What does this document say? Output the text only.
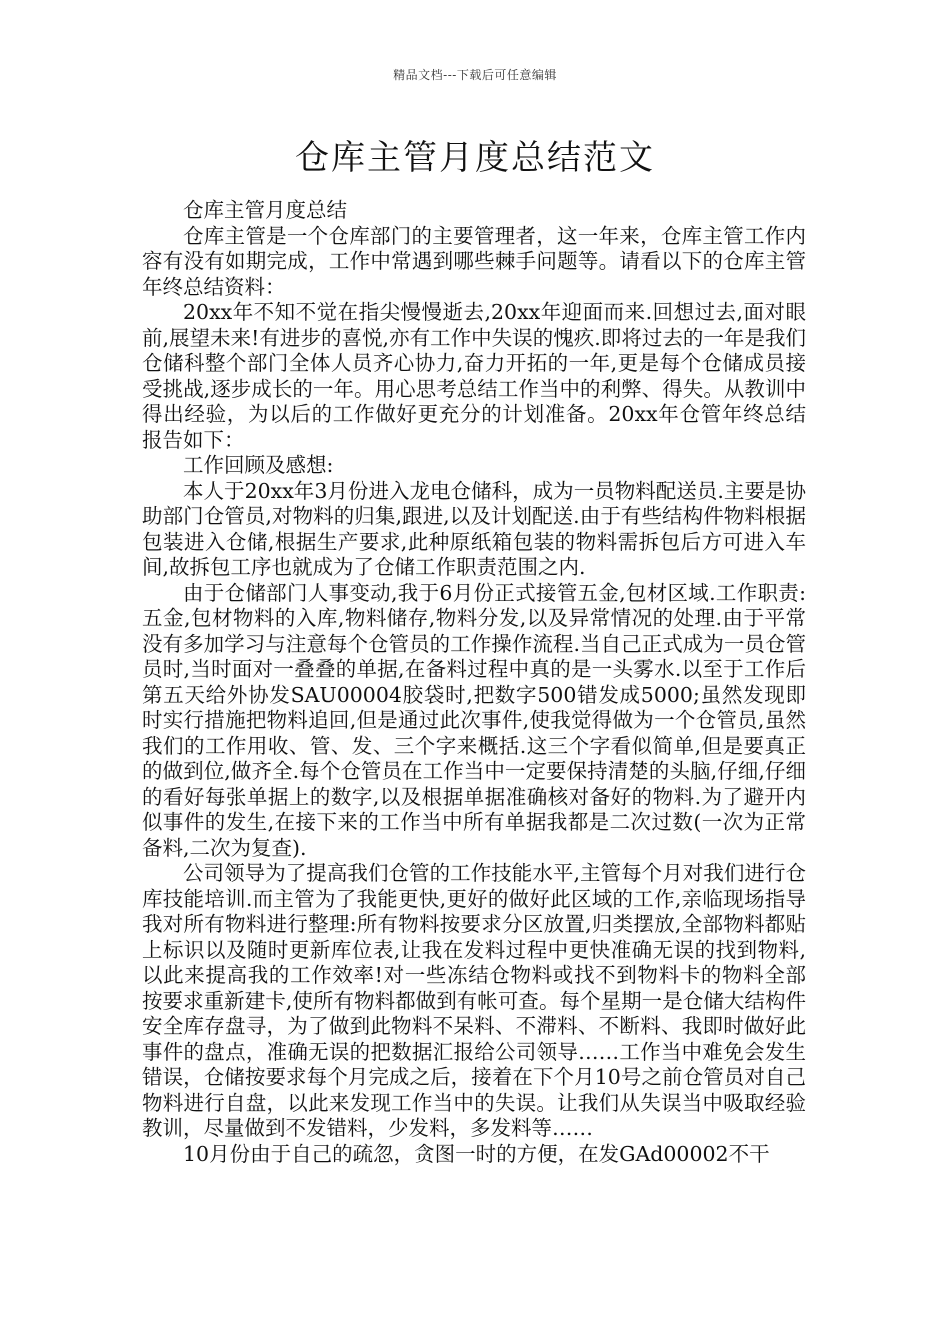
精品文档---下载后可任意编辑
仓库主管月度总结范文

仓库主管月度总结

仓库主管是一个仓库部门的主要管理者，这一年来，仓库主管工作内容有没有如期完成，工作中常遇到哪些棘手问题等。请看以下的仓库主管年终总结资料：

20xx年不知不觉在指尖慢慢逝去,20xx年迎面而来.回想过去,面对眼前,展望未来!有进步的喜悦,亦有工作中失误的愧疚.即将过去的一年是我们仓储科整个部门全体人员齐心协力,奋力开拓的一年,更是每个仓储成员接受挑战,逐步成长的一年。用心思考总结工作当中的利弊、得失。从教训中得出经验，为以后的工作做好更充分的计划准备。20xx年仓管年终总结报告如下：

工作回顾及感想:

本人于20xx年3月份进入龙电仓储科，成为一员物料配送员.主要是协助部门仓管员,对物料的归集,跟进,以及计划配送.由于有些结构件物料根据包装进入仓储,根据生产要求,此种原纸箱包装的物料需拆包后方可进入车间,故拆包工序也就成为了仓储工作职责范围之内.

由于仓储部门人事变动,我于6月份正式接管五金,包材区域.工作职责:五金,包材物料的入库,物料储存,物料分发,以及异常情况的处理.由于平常没有多加学习与注意每个仓管员的工作操作流程.当自己正式成为一员仓管员时,当时面对一叠叠的单据,在备料过程中真的是一头雾水.以至于工作后第五天给外协发SAU00004胶袋时,把数字500错发成5000;虽然发现即时实行措施把物料追回,但是通过此次事件,使我觉得做为一个仓管员,虽然我们的工作用收、管、发、三个字来概括.这三个字看似简单,但是要真正的做到位,做齐全.每个仓管员在工作当中一定要保持清楚的头脑,仔细,仔细的看好每张单据上的数字,以及根据单据准确核对备好的物料.为了避开内似事件的发生,在接下来的工作当中所有单据我都是二次过数(一次为正常备料,二次为复查).

公司领导为了提高我们仓管的工作技能水平,主管每个月对我们进行仓库技能培训.而主管为了我能更快,更好的做好此区域的工作,亲临现场指导我对所有物料进行整理:所有物料按要求分区放置,归类摆放,全部物料都贴上标识以及随时更新库位表,让我在发料过程中更快准确无误的找到物料,以此来提高我的工作效率!对一些冻结仓物料或找不到物料卡的物料全部按要求重新建卡,使所有物料都做到有帐可查。每个星期一是仓储大结构件安全库存盘寻，为了做到此物料不呆料、不滞料、不断料、我即时做好此事件的盘点，准确无误的把数据汇报给公司领导……工作当中难免会发生错误，仓储按要求每个月完成之后，接着在下个月10号之前仓管员对自己物料进行自盘，以此来发现工作当中的失误。让我们从失误当中吸取经验教训，尽量做到不发错料，少发料，多发料等……

10月份由于自己的疏忽，贪图一时的方便，在发GAd00002不干
